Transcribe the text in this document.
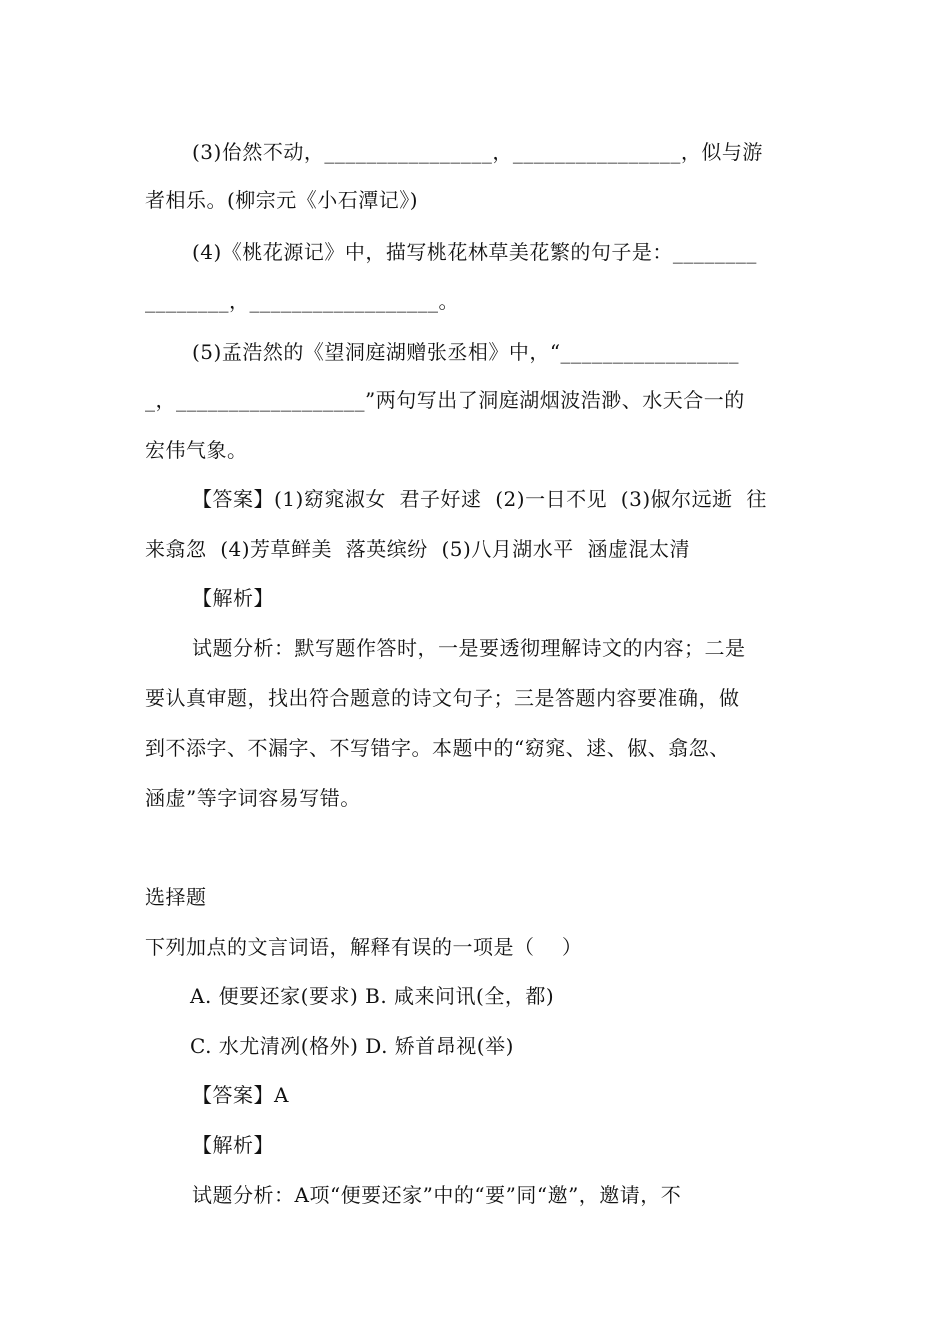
(3)佁然不动，________________，________________，似与游
者相乐。(柳宗元《小石潭记》)
(4)《桃花源记》中，描写桃花林草美花繁的句子是：________
________，__________________。
(5)孟浩然的《望洞庭湖赠张丞相》中，“_________________
_，__________________”两句写出了洞庭湖烟波浩渺、水天合一的
宏伟气象。
【答案】(1)窈窕淑女  君子好逑  (2)一日不见  (3)俶尔远逝  往
来翕忽  (4)芳草鲜美  落英缤纷  (5)八月湖水平  涵虚混太清
【解析】
试题分析：默写题作答时，一是要透彻理解诗文的内容；二是
要认真审题，找出符合题意的诗文句子；三是答题内容要准确，做
到不添字、不漏字、不写错字。本题中的“窈窕、逑、俶、翕忽、
涵虚”等字词容易写错。
选择题
下列加点的文言词语，解释有误的一项是（    ）
A. 便要还家(要求) B. 咸来问讯(全，都)
C. 水尤清冽(格外) D. 矫首昂视(举)
【答案】A
【解析】
试题分析：A项“便要还家”中的“要”同“邀”，邀请，不
